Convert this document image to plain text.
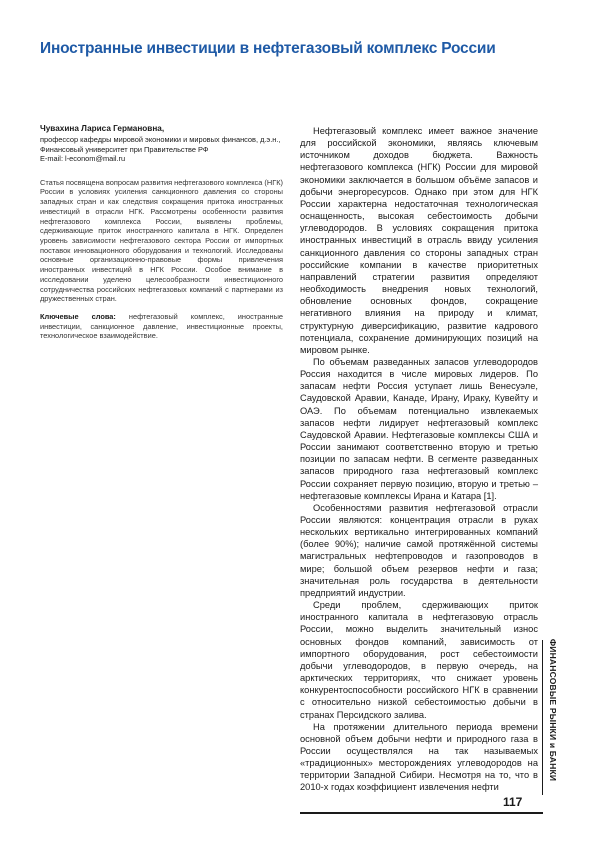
Иностранные инвестиции в нефтегазовый комплекс России

Чувахина Лариса Германовна,

профессор кафедры мировой экономики и мировых финансов, д.э.н., Финансовый университет при Правительстве РФ

E-mail: l-econom@mail.ru

Статья посвящена вопросам развития нефтегазового комплекса (НГК) России в условиях усиления санкционного давления со стороны западных стран и как следствия сокращения притока иностранных инвестиций в отрасли НГК. Рассмотрены особенности развития нефтегазового комплекса России, выявлены проблемы, сдерживающие приток иностранного капитала в НГК. Определен уровень зависимости нефтегазового сектора России от импортных поставок инновационного оборудования и технологий. Исследованы основные организационно-правовые формы привлечения иностранных инвестиций в НГК России. Особое внимание в исследовании уделено целесообразности инвестиционного сотрудничества российских нефтегазовых компаний с партнерами из дружественных стран.

Ключевые слова: нефтегазовый комплекс, иностранные инвестиции, санкционное давление, инвестиционные проекты, технологическое взаимодействие.

Нефтегазовый комплекс имеет важное значение для российской экономики, являясь ключевым источником доходов бюджета. Важность нефтегазового комплекса (НГК) России для мировой экономики заключается в большом объёме запасов и добычи энергоресурсов. Однако при этом для НГК России характерна недостаточная технологическая оснащенность, высокая себестоимость добычи углеводородов. В условиях сокращения притока иностранных инвестиций в отрасль ввиду усиления санкционного давления со стороны западных стран российские компании в качестве приоритетных направлений стратегии развития определяют необходимость внедрения новых технологий, обновление основных фондов, сокращение негативного влияния на природу и климат, структурную диверсификацию, развитие кадрового потенциала, сохранение доминирующих позиций на мировом рынке.

По объемам разведанных запасов углеводородов Россия находится в числе мировых лидеров. По запасам нефти Россия уступает лишь Венесуэле, Саудовской Аравии, Канаде, Ирану, Ираку, Кувейту и ОАЭ. По объемам потенциально извлекаемых запасов нефти лидирует нефтегазовый комплекс Саудовской Аравии. Нефтегазовые комплексы США и России занимают соответственно вторую и третью позиции по запасам нефти. В сегменте разведанных запасов природного газа нефтегазовый комплекс России сохраняет первую позицию, вторую и третью – нефтегазовые комплексы Ирана и Катара [1].

Особенностями развития нефтегазовой отрасли России являются: концентрация отрасли в руках нескольких вертикально интегрированных компаний (более 90%); наличие самой протяжённой системы магистральных нефтепроводов и газопроводов в мире; большой объем резервов нефти и газа; значительная роль государства в деятельности предприятий индустрии.

Среди проблем, сдерживающих приток иностранного капитала в нефтегазовую отрасль России, можно выделить значительный износ основных фондов компаний, зависимость от импортного оборудования, рост себестоимости добычи углеводородов, в первую очередь, на арктических территориях, что снижает уровень конкурентоспособности российского НГК в сравнении с относительно низкой себестоимостью добычи в странах Персидского залива.

На протяжении длительного периода времени основной объем добычи нефти и природного газа в России осуществлялся на так называемых «традиционных» месторождениях углеводородов на территории Западной Сибири. Несмотря на то, что в 2010-х годах коэффициент извлечения нефти

ФИНАНСОВЫЕ РЫНКИ и БАНКИ
117
